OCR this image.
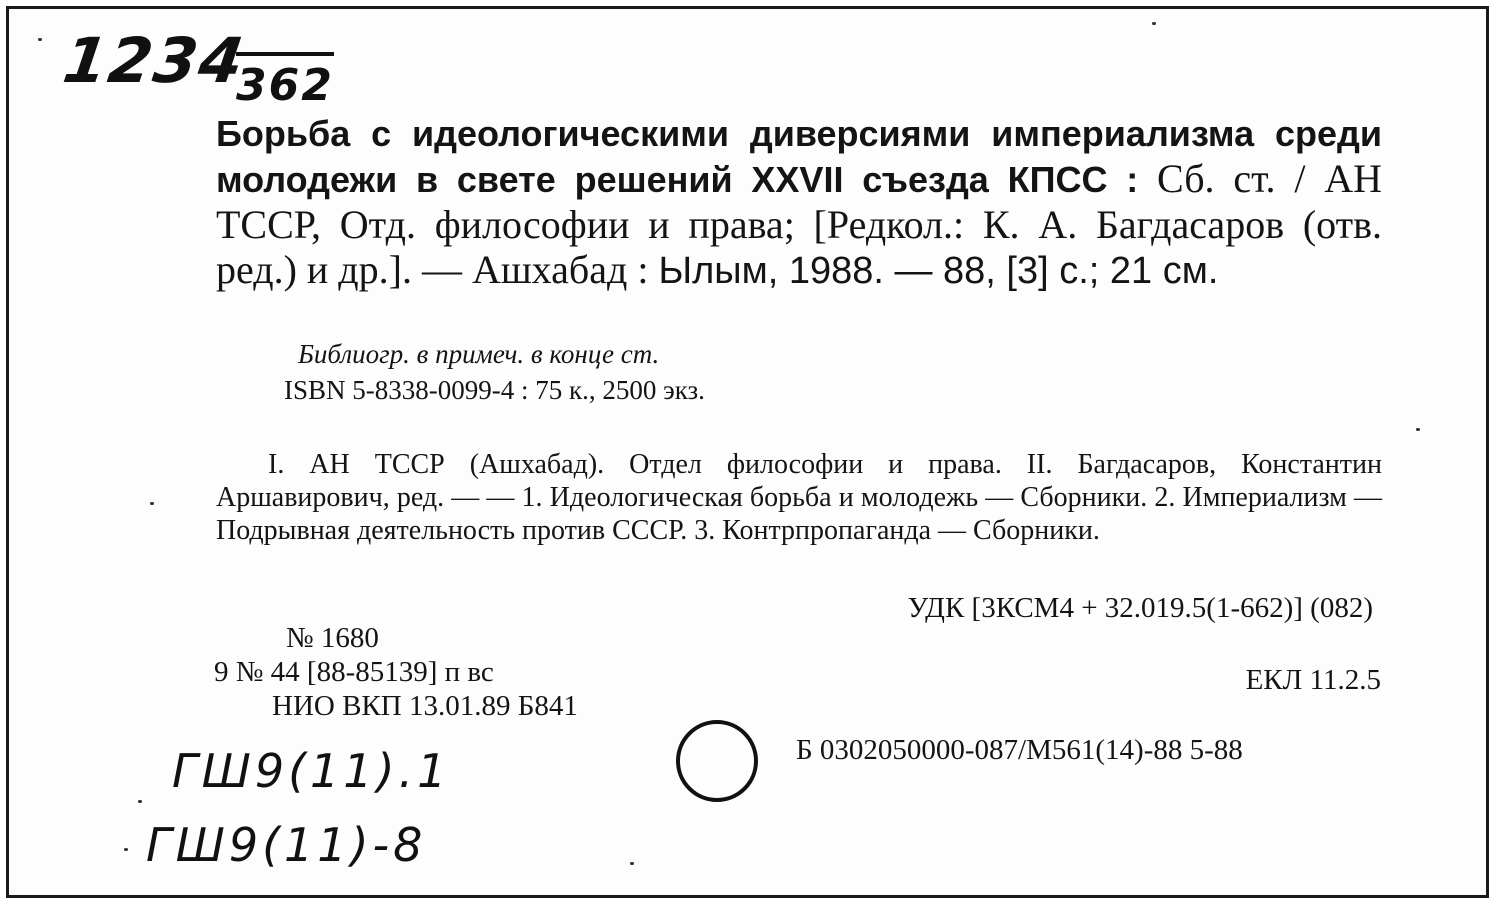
1234
362

Борьба с идеологическими диверсиями империализма среди молодежи в свете решений XXVII съезда КПСС : Сб. ст. / АН ТССР, Отд. философии и права; [Редкол.: К. А. Багдасаров (отв. ред.) и др.]. — Ашхабад : Ылым, 1988. — 88, [3] с.; 21 см.

Библиогр. в примеч. в конце ст.
ISBN 5-8338-0099-4 : 75 к., 2500 экз.

I. АН ТССР (Ашхабад). Отдел философии и права. II. Багдасаров, Константин Аршавирович, ред. — — 1. Идеологическая борьба и молодежь — Сборники. 2. Империализм — Подрывная деятельность против СССР. 3. Контрпропаганда — Сборники.

УДК [3КСМ4 + 32.019.5(1-662)] (082)
№ 1680
9 № 44 [88-85139] п вс
НИО ВКП 13.01.89 Б841
ЕКЛ 11.2.5
Б 0302050000-087/М561(14)-88 5-88
ГШ9(11).1
ГШ9(11)-8
